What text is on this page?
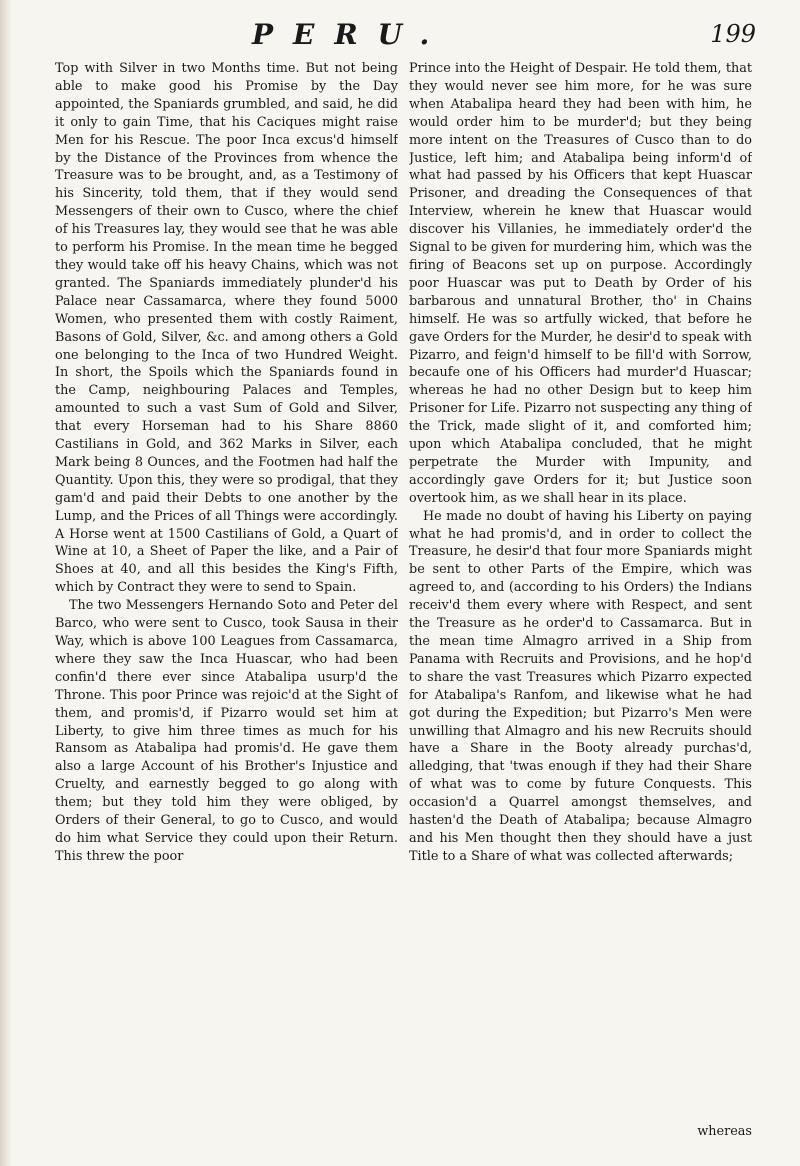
PERU.	199

Top with Silver in two Months time. But not being able to make good his Promise by the Day appointed, the Spaniards grumbled, and said, he did it only to gain Time, that his Caciques might raise Men for his Rescue. The poor Inca excus'd himself by the Distance of the Provinces from whence the Treasure was to be brought, and, as a Testimony of his Sincerity, told them, that if they would send Messengers of their own to Cusco, where the chief of his Treasures lay, they would see that he was able to perform his Promise. In the mean time he begged they would take off his heavy Chains, which was not granted. The Spaniards immediately plunder'd his Palace near Cassamarca, where they found 5000 Women, who presented them with costly Raiment, Basons of Gold, Silver, &c. and among others a Gold one belonging to the Inca of two Hundred Weight. In short, the Spoils which the Spaniards found in the Camp, neighbouring Palaces and Temples, amounted to such a vast Sum of Gold and Silver, that every Horseman had to his Share 8860 Castilians in Gold, and 362 Marks in Silver, each Mark being 8 Ounces, and the Footmen had half the Quantity. Upon this, they were so prodigal, that they gam'd and paid their Debts to one another by the Lump, and the Prices of all Things were accordingly. A Horse went at 1500 Castilians of Gold, a Quart of Wine at 10, a Sheet of Paper the like, and a Pair of Shoes at 40, and all this besides the King's Fifth, which by Contract they were to send to Spain.

The two Messengers Hernando Soto and Peter del Barco, who were sent to Cusco, took Sausa in their Way, which is above 100 Leagues from Cassamarca, where they saw the Inca Huascar, who had been confin'd there ever since Atabalipa usurp'd the Throne. This poor Prince was rejoic'd at the Sight of them, and promis'd, if Pizarro would set him at Liberty, to give him three times as much for his Ransom as Atabalipa had promis'd. He gave them also a large Account of his Brother's Injustice and Cruelty, and earnestly begged to go along with them; but they told him they were obliged, by Orders of their General, to go to Cusco, and would do him what Service they could upon their Return. This threw the poor

Prince into the Height of Despair. He told them, that they would never see him more, for he was sure when Atabalipa heard they had been with him, he would order him to be murder'd; but they being more intent on the Treasures of Cusco than to do Justice, left him; and Atabalipa being inform'd of what had passed by his Officers that kept Huascar Prisoner, and dreading the Consequences of that Interview, wherein he knew that Huascar would discover his Villanies, he immediately order'd the Signal to be given for murdering him, which was the firing of Beacons set up on purpose. Accordingly poor Huascar was put to Death by Order of his barbarous and unnatural Brother, tho' in Chains himself. He was so artfully wicked, that before he gave Orders for the Murder, he desir'd to speak with Pizarro, and feign'd himself to be fill'd with Sorrow, becaufe one of his Officers had murder'd Huascar; whereas he had no other Design but to keep him Prisoner for Life. Pizarro not suspecting any thing of the Trick, made slight of it, and comforted him; upon which Atabalipa concluded, that he might perpetrate the Murder with Impunity, and accordingly gave Orders for it; but Justice soon overtook him, as we shall hear in its place.

He made no doubt of having his Liberty on paying what he had promis'd, and in order to collect the Treasure, he desir'd that four more Spaniards might be sent to other Parts of the Empire, which was agreed to, and (according to his Orders) the Indians receiv'd them every where with Respect, and sent the Treasure as he order'd to Cassamarca. But in the mean time Almagro arrived in a Ship from Panama with Recruits and Provisions, and he hop'd to share the vast Treasures which Pizarro expected for Atabalipa's Ranfom, and likewise what he had got during the Expedition; but Pizarro's Men were unwilling that Almagro and his new Recruits should have a Share in the Booty already purchas'd, alledging, that 'twas enough if they had their Share of what was to come by future Conquests. This occasion'd a Quarrel amongst themselves, and hasten'd the Death of Atabalipa; because Almagro and his Men thought then they should have a just Title to a Share of what was collected afterwards;

whereas
